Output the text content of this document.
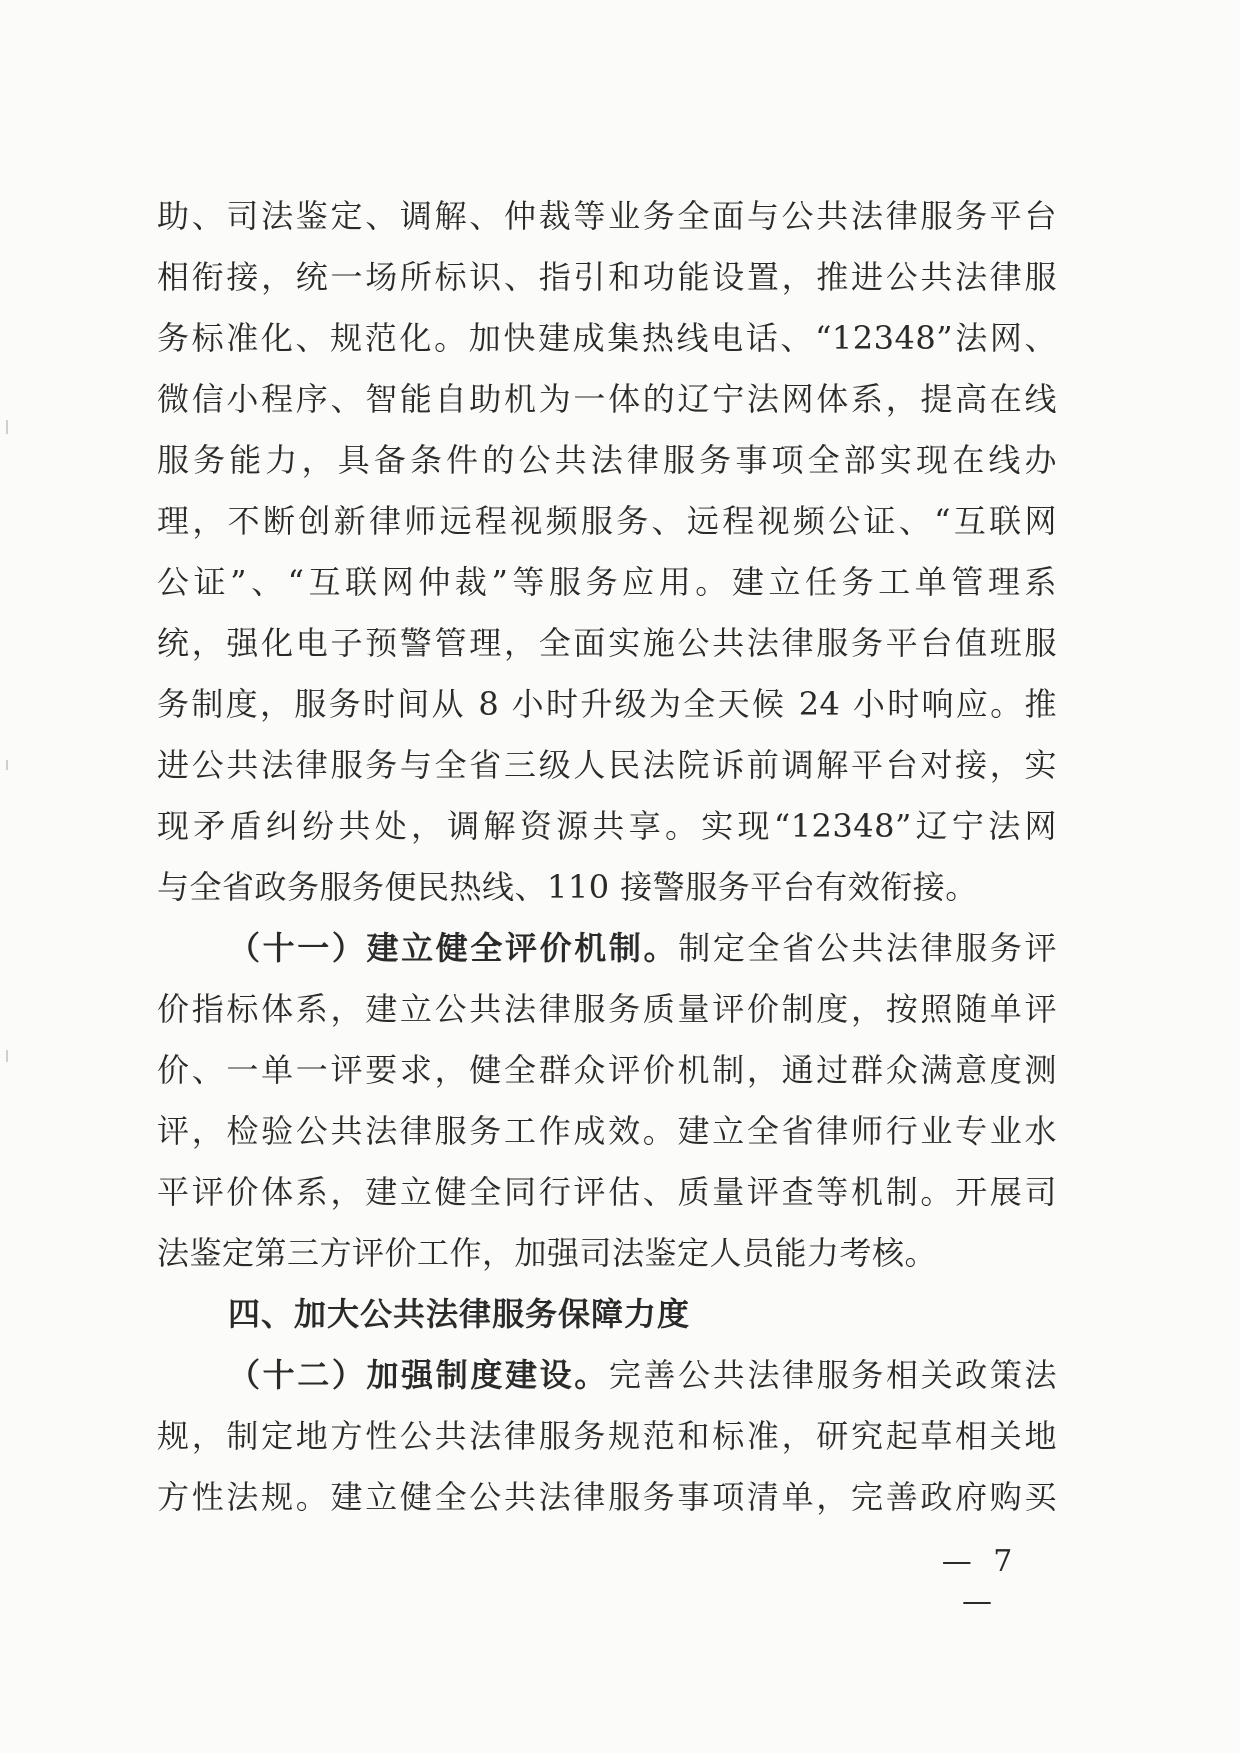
助、司法鉴定、调解、仲裁等业务全面与公共法律服务平台
相衔接，统一场所标识、指引和功能设置，推进公共法律服
务标准化、规范化。加快建成集热线电话、“12348”法网、
微信小程序、智能自助机为一体的辽宁法网体系，提高在线
服务能力，具备条件的公共法律服务事项全部实现在线办
理，不断创新律师远程视频服务、远程视频公证、“互联网
公证”、“互联网仲裁”等服务应用。建立任务工单管理系
统，强化电子预警管理，全面实施公共法律服务平台值班服
务制度，服务时间从 8 小时升级为全天候 24 小时响应。推
进公共法律服务与全省三级人民法院诉前调解平台对接，实
现矛盾纠纷共处，调解资源共享。实现“12348”辽宁法网
与全省政务服务便民热线、110 接警服务平台有效衔接。
（十一）建立健全评价机制。制定全省公共法律服务评
价指标体系，建立公共法律服务质量评价制度，按照随单评
价、一单一评要求，健全群众评价机制，通过群众满意度测
评，检验公共法律服务工作成效。建立全省律师行业专业水
平评价体系，建立健全同行评估、质量评查等机制。开展司
法鉴定第三方评价工作，加强司法鉴定人员能力考核。
四、加大公共法律服务保障力度
（十二）加强制度建设。完善公共法律服务相关政策法
规，制定地方性公共法律服务规范和标准，研究起草相关地
方性法规。建立健全公共法律服务事项清单，完善政府购买
— 7 —
